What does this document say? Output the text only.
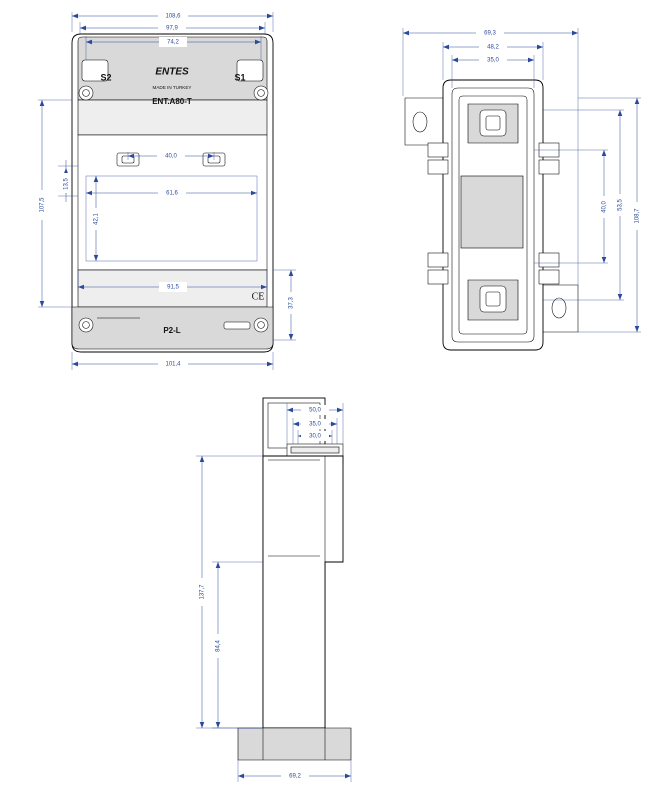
ENTES
MADE IN TURKEY
ENT.A80-T
S2	S1
P2-L
CE
108,6
97,9
74,2
40,0
61,6
91,5
101,4
107,5
13,5
42,1
37,3
69,3
48,2
35,0
40,0 53,5
108,7
50,0
35,0
30,0
137,7
84,4
69,2
